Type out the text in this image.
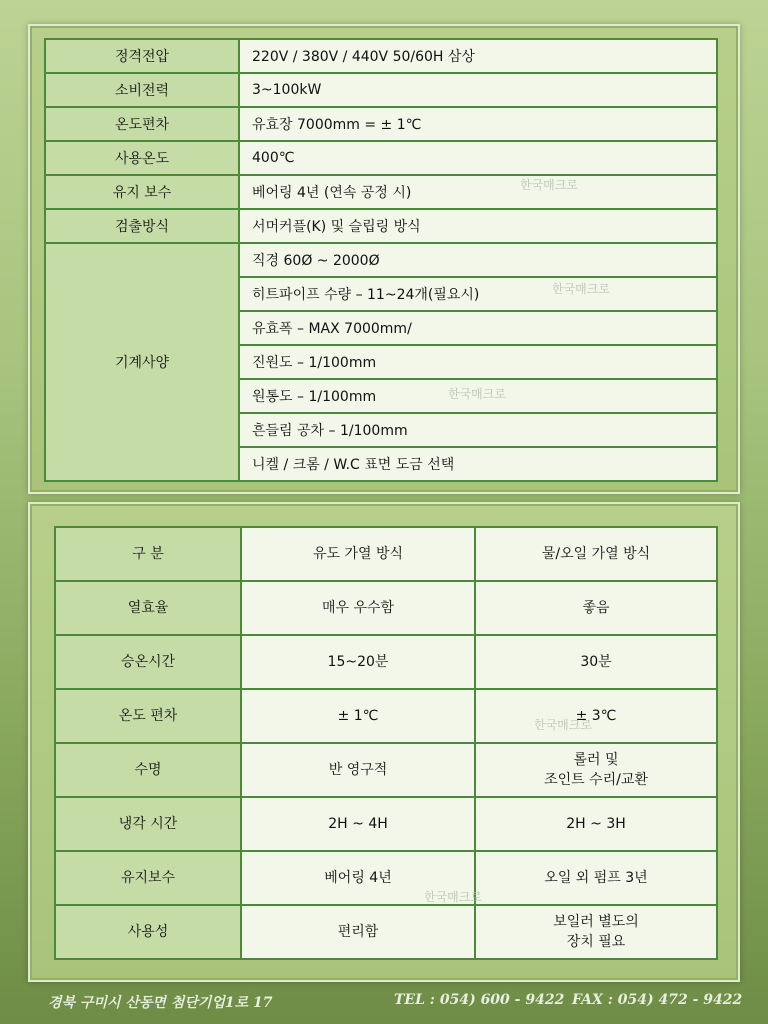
정격전압	220V / 380V / 440V 50/60H 삼상
소비전력	3~100kW
온도편차	유효장 7000mm = ± 1℃
사용온도	400℃
유지 보수	베어링 4년 (연속 공정 시)
검출방식	서머커플(K) 및 슬립링 방식
기계사양	직경 60Ø ~ 2000Ø
	히트파이프 수량 – 11~24개(필요시)
	유효폭 – MAX 7000mm/
	진원도 – 1/100mm
	원통도 – 1/100mm
	흔들림 공차 – 1/100mm
	니켈 / 크롬 / W.C 표면 도금 선택
구 분	유도 가열 방식	물/오일 가열 방식
열효율	매우 우수함	좋음
승온시간	15~20분	30분
온도 편차	± 1℃	± 3℃
수명	반 영구적	롤러 및
조인트 수리/교환
냉각 시간	2H ~ 4H	2H ~ 3H
유지보수	베어링 4년	오일 외 펌프 3년
사용성	편리함	보일러 별도의
장치 필요
한국매크로
한국매크로
한국매크로
한국매크로
한국매크로
경북 구미시 산동면 첨단기업1로 17	TEL : 054) 600 - 9422 FAX : 054) 472 - 9422
